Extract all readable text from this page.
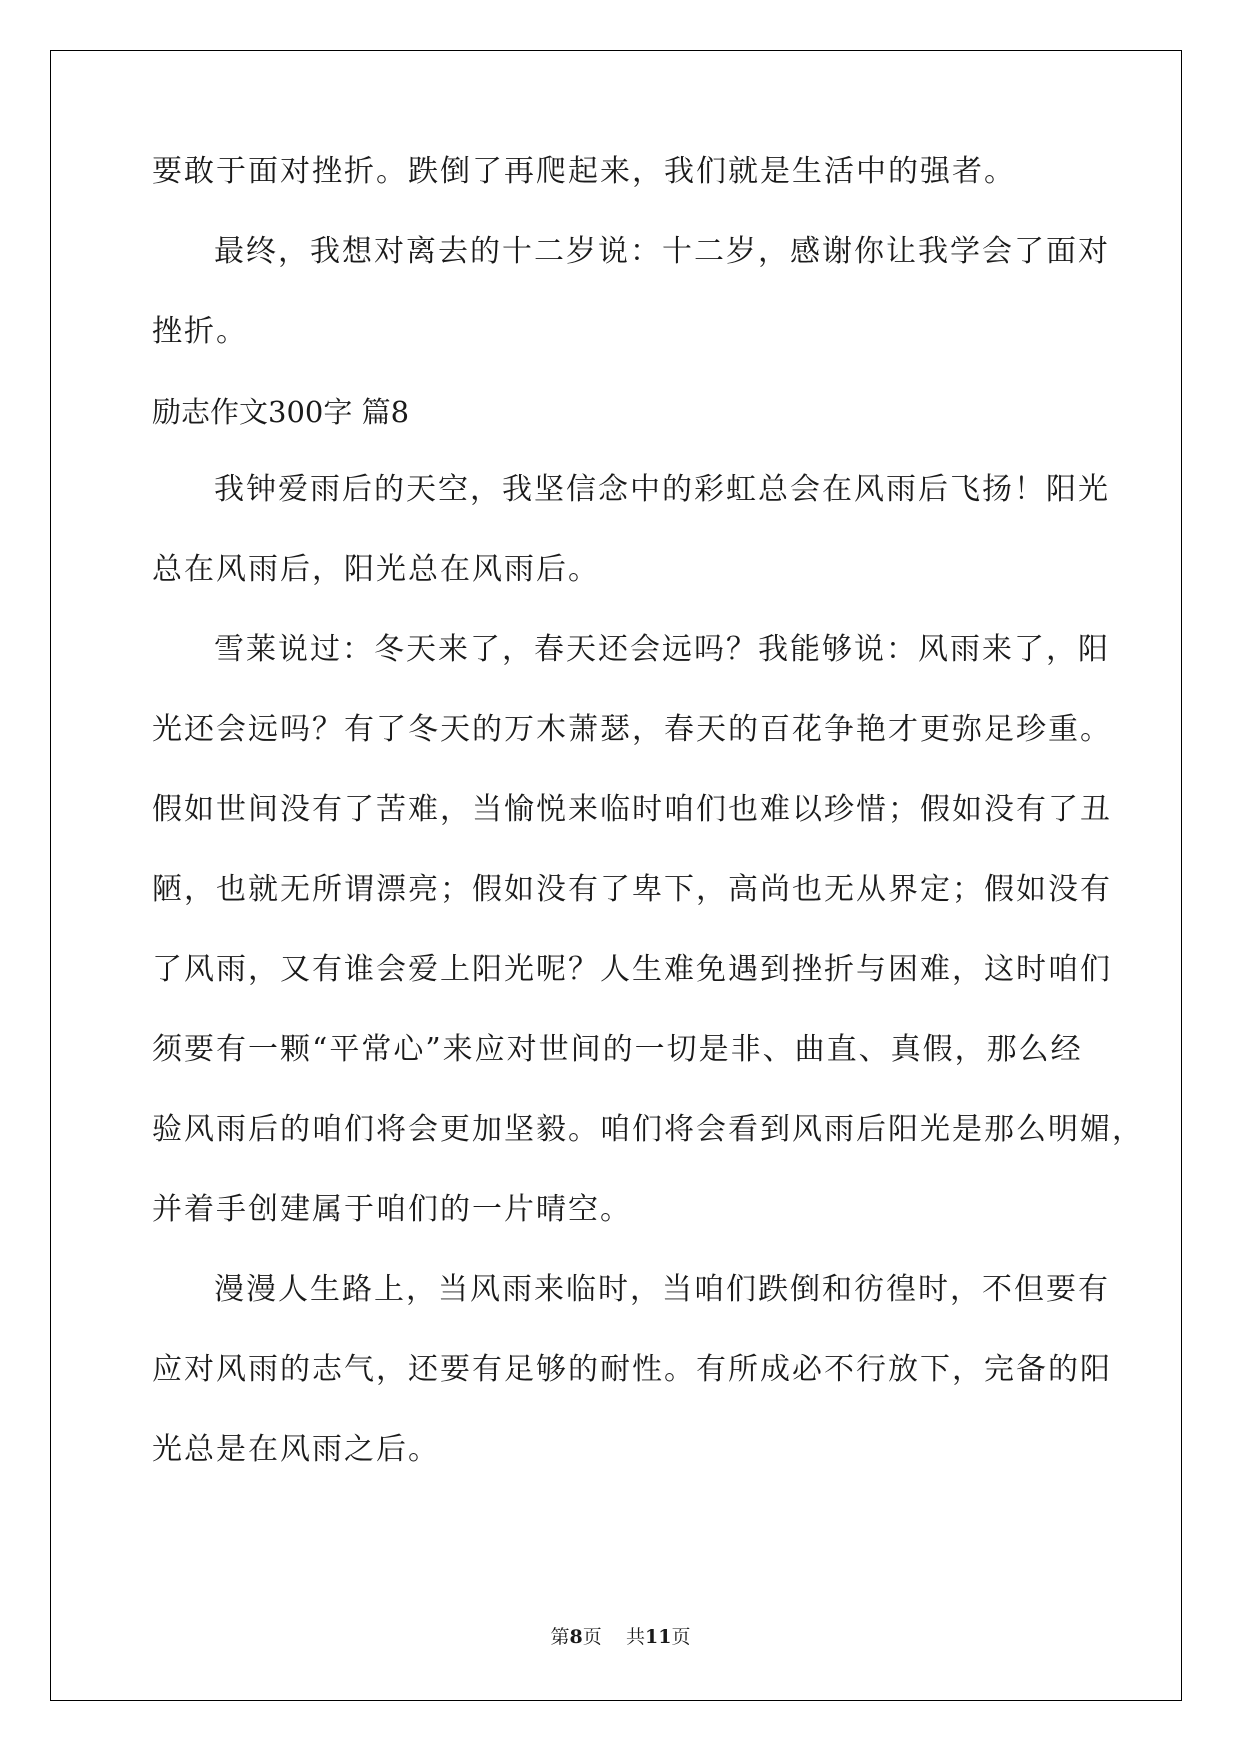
要敢于面对挫折。跌倒了再爬起来，我们就是生活中的强者。
最终，我想对离去的十二岁说：十二岁，感谢你让我学会了面对
挫折。
励志作文300字 篇8
我钟爱雨后的天空，我坚信念中的彩虹总会在风雨后飞扬！阳光
总在风雨后，阳光总在风雨后。
雪莱说过：冬天来了，春天还会远吗？我能够说：风雨来了，阳
光还会远吗？有了冬天的万木萧瑟，春天的百花争艳才更弥足珍重。
假如世间没有了苦难，当愉悦来临时咱们也难以珍惜；假如没有了丑
陋，也就无所谓漂亮；假如没有了卑下，高尚也无从界定；假如没有
了风雨，又有谁会爱上阳光呢？人生难免遇到挫折与困难，这时咱们
须要有一颗“平常心”来应对世间的一切是非、曲直、真假，那么经
验风雨后的咱们将会更加坚毅。咱们将会看到风雨后阳光是那么明媚，
并着手创建属于咱们的一片晴空。
漫漫人生路上，当风雨来临时，当咱们跌倒和彷徨时，不但要有
应对风雨的志气，还要有足够的耐性。有所成必不行放下，完备的阳
光总是在风雨之后。
第8页 共11页
